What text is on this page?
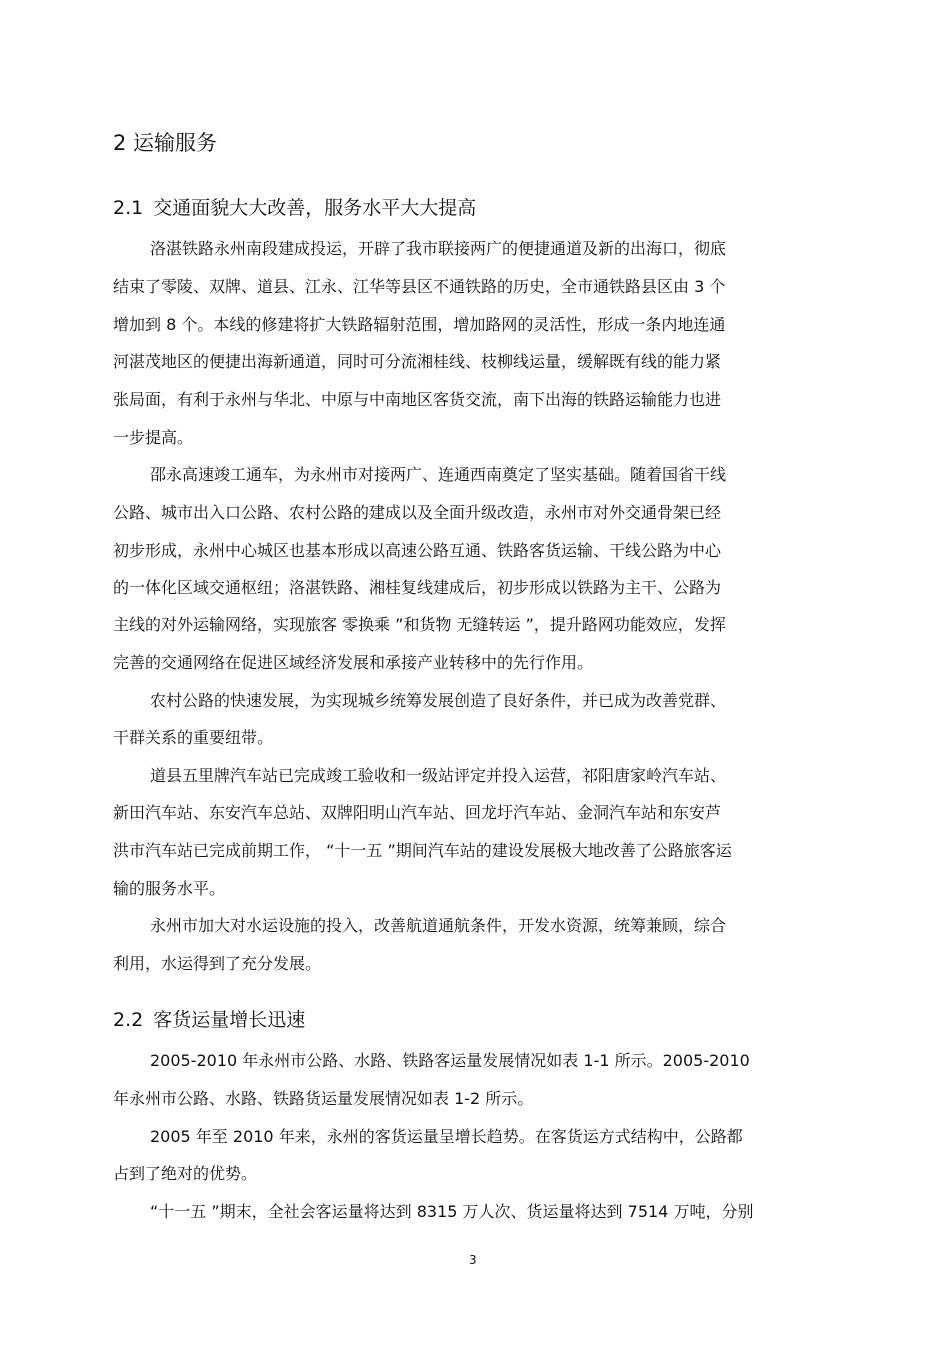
2 运输服务
2.1 交通面貌大大改善，服务水平大大提高

洛湛铁路永州南段建成投运，开辟了我市联接两广的便捷通道及新的出海口，彻底

结束了零陵、双牌、道县、江永、江华等县区不通铁路的历史，全市通铁路县区由 3 个

增加到 8 个。本线的修建将扩大铁路辐射范围，增加路网的灵活性，形成一条内地连通

河湛茂地区的便捷出海新通道，同时可分流湘桂线、枝柳线运量，缓解既有线的能力紧

张局面，有利于永州与华北、中原与中南地区客货交流，南下出海的铁路运输能力也进

一步提高。

邵永高速竣工通车，为永州市对接两广、连通西南奠定了坚实基础。随着国省干线

公路、城市出入口公路、农村公路的建成以及全面升级改造，永州市对外交通骨架已经

初步形成，永州中心城区也基本形成以高速公路互通、铁路客货运输、干线公路为中心

的一体化区域交通枢纽；洛湛铁路、湘桂复线建成后，初步形成以铁路为主干、公路为

主线的对外运输网络，实现旅客 零换乘 ”和货物 无缝转运 ”，提升路网功能效应，发挥

完善的交通网络在促进区域经济发展和承接产业转移中的先行作用。

农村公路的快速发展，为实现城乡统筹发展创造了良好条件，并已成为改善党群、

干群关系的重要纽带。

道县五里牌汽车站已完成竣工验收和一级站评定并投入运营，祁阳唐家岭汽车站、

新田汽车站、东安汽车总站、双牌阳明山汽车站、回龙圩汽车站、金洞汽车站和东安芦

洪市汽车站已完成前期工作， “十一五 ”期间汽车站的建设发展极大地改善了公路旅客运

输的服务水平。

永州市加大对水运设施的投入，改善航道通航条件，开发水资源，统筹兼顾，综合

利用，水运得到了充分发展。

2.2 客货运量增长迅速

2005-2010 年永州市公路、水路、铁路客运量发展情况如表 1-1 所示。2005-2010

年永州市公路、水路、铁路货运量发展情况如表 1-2 所示。

2005 年至 2010 年来，永州的客货运量呈增长趋势。在客货运方式结构中，公路都

占到了绝对的优势。

“十一五 ”期末，全社会客运量将达到 8315 万人次、货运量将达到 7514 万吨，分别

3
